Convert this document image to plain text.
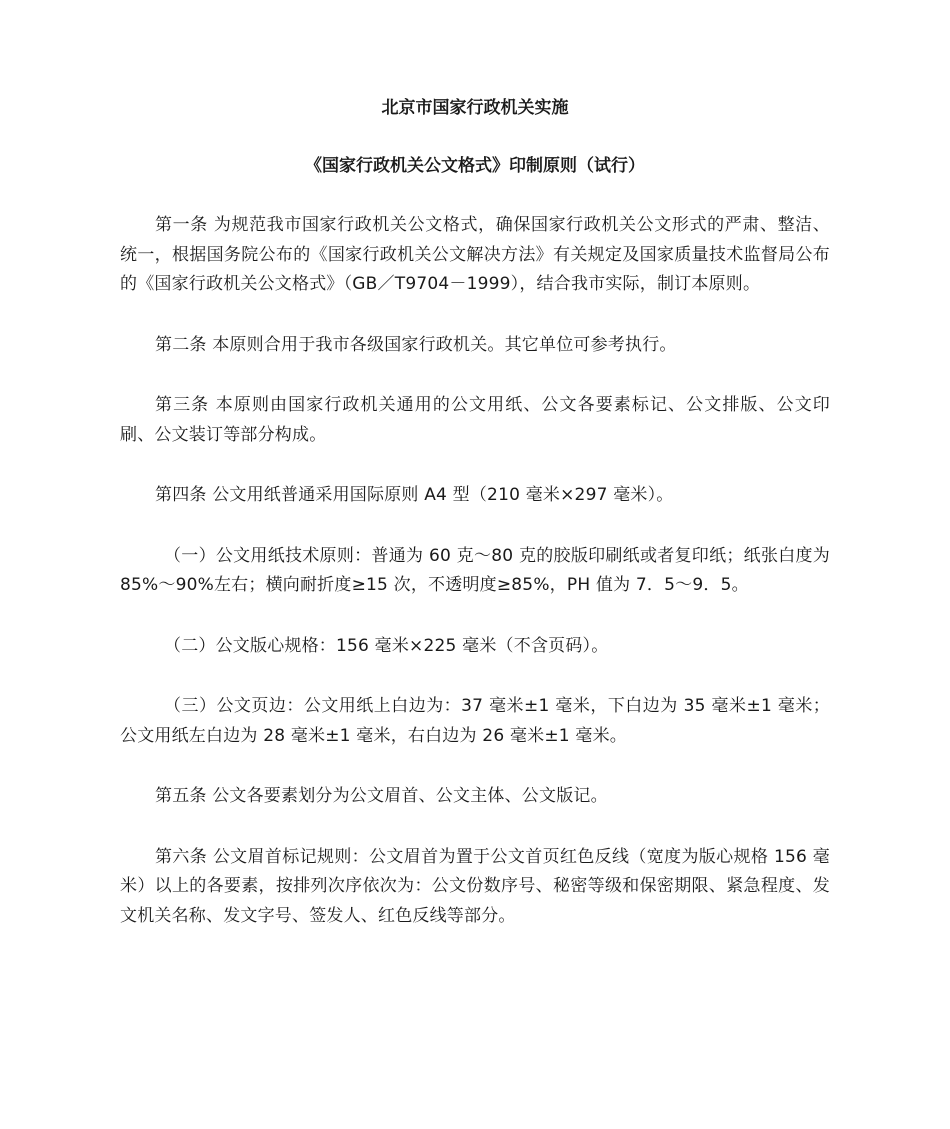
北京市国家行政机关实施

《国家行政机关公文格式》印制原则（试行）

第一条 为规范我市国家行政机关公文格式，确保国家行政机关公文形式的严肃、整洁、统一，根据国务院公布的《国家行政机关公文解决方法》有关规定及国家质量技术监督局公布的《国家行政机关公文格式》（GB／T9704－1999），结合我市实际，制订本原则。

第二条 本原则合用于我市各级国家行政机关。其它单位可参考执行。

第三条 本原则由国家行政机关通用的公文用纸、公文各要素标记、公文排版、公文印刷、公文装订等部分构成。

第四条 公文用纸普通采用国际原则 A4 型（210 毫米×297 毫米）。

（一）公文用纸技术原则：普通为 60 克～80 克的胶版印刷纸或者复印纸；纸张白度为 85%～90%左右；横向耐折度≥15 次，不透明度≥85%，PH 值为 7．5～9．5。

（二）公文版心规格：156 毫米×225 毫米（不含页码）。

（三）公文页边：公文用纸上白边为：37 毫米±1 毫米，下白边为 35 毫米±1 毫米；公文用纸左白边为 28 毫米±1 毫米，右白边为 26 毫米±1 毫米。

第五条 公文各要素划分为公文眉首、公文主体、公文版记。

第六条 公文眉首标记规则：公文眉首为置于公文首页红色反线（宽度为版心规格 156 毫米）以上的各要素，按排列次序依次为：公文份数序号、秘密等级和保密期限、紧急程度、发文机关名称、发文字号、签发人、红色反线等部分。
